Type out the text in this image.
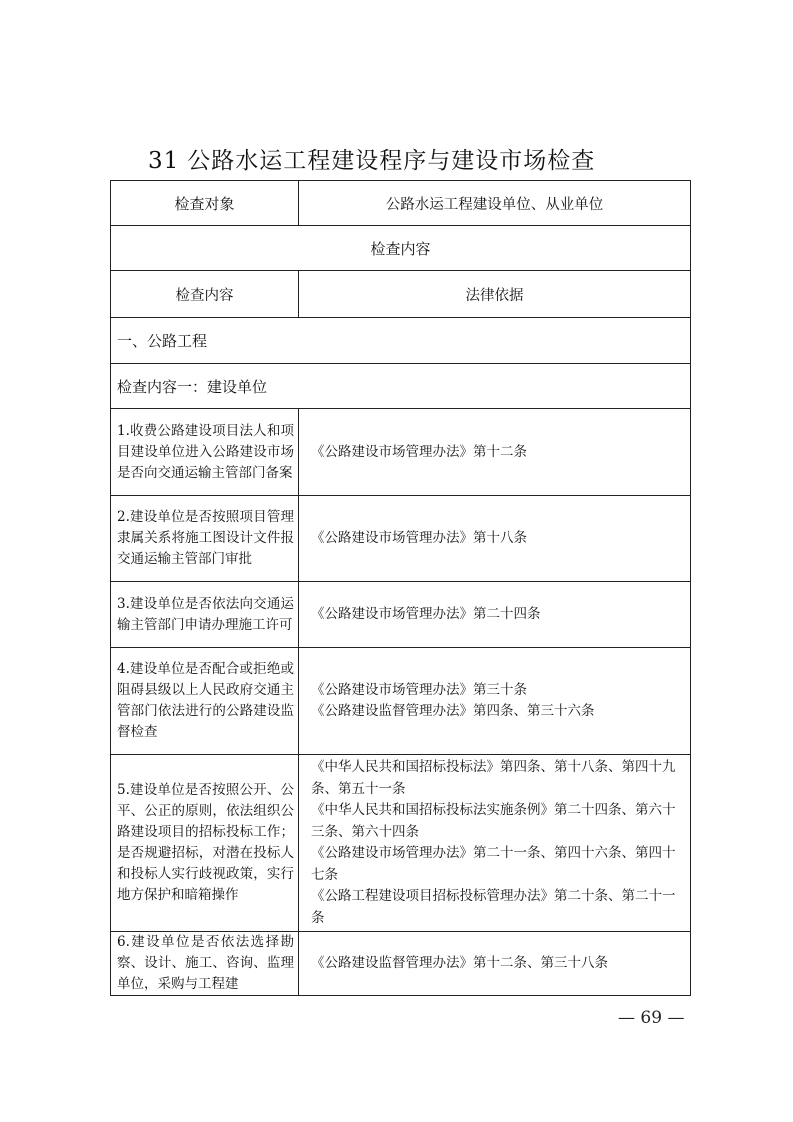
31 公路水运工程建设程序与建设市场检查
检查对象	公路水运工程建设单位、从业单位
检查内容	
检查内容	法律依据
一、公路工程	
检查内容一：建设单位	
1.收费公路建设项目法人和项目建设单位进入公路建设市场是否向交通运输主管部门备案	《公路建设市场管理办法》第十二条

2.建设单位是否按照项目管理隶属关系将施工图设计文件报交通运输主管部门审批	《公路建设市场管理办法》第十八条

3.建设单位是否依法向交通运输主管部门申请办理施工许可	《公路建设市场管理办法》第二十四条

4.建设单位是否配合或拒绝或阻碍县级以上人民政府交通主管部门依法进行的公路建设监督检查	《公路建设市场管理办法》第三十条
《公路建设监督管理办法》第四条、第三十六条

5.建设单位是否按照公开、公平、公正的原则，依法组织公路建设项目的招标投标工作；是否规避招标，对潜在投标人和投标人实行歧视政策，实行地方保护和暗箱操作	《中华人民共和国招标投标法》第四条、第十八条、第四十九条、第五十一条
《中华人民共和国招标投标法实施条例》第二十四条、第六十三条、第六十四条
《公路建设市场管理办法》第二十一条、第四十六条、第四十七条
《公路工程建设项目招标投标管理办法》第二十条、第二十一条

6.建设单位是否依法选择勘察、设计、施工、咨询、监理单位，采购与工程建	《公路建设监督管理办法》第十二条、第三十八条
— 69 —
